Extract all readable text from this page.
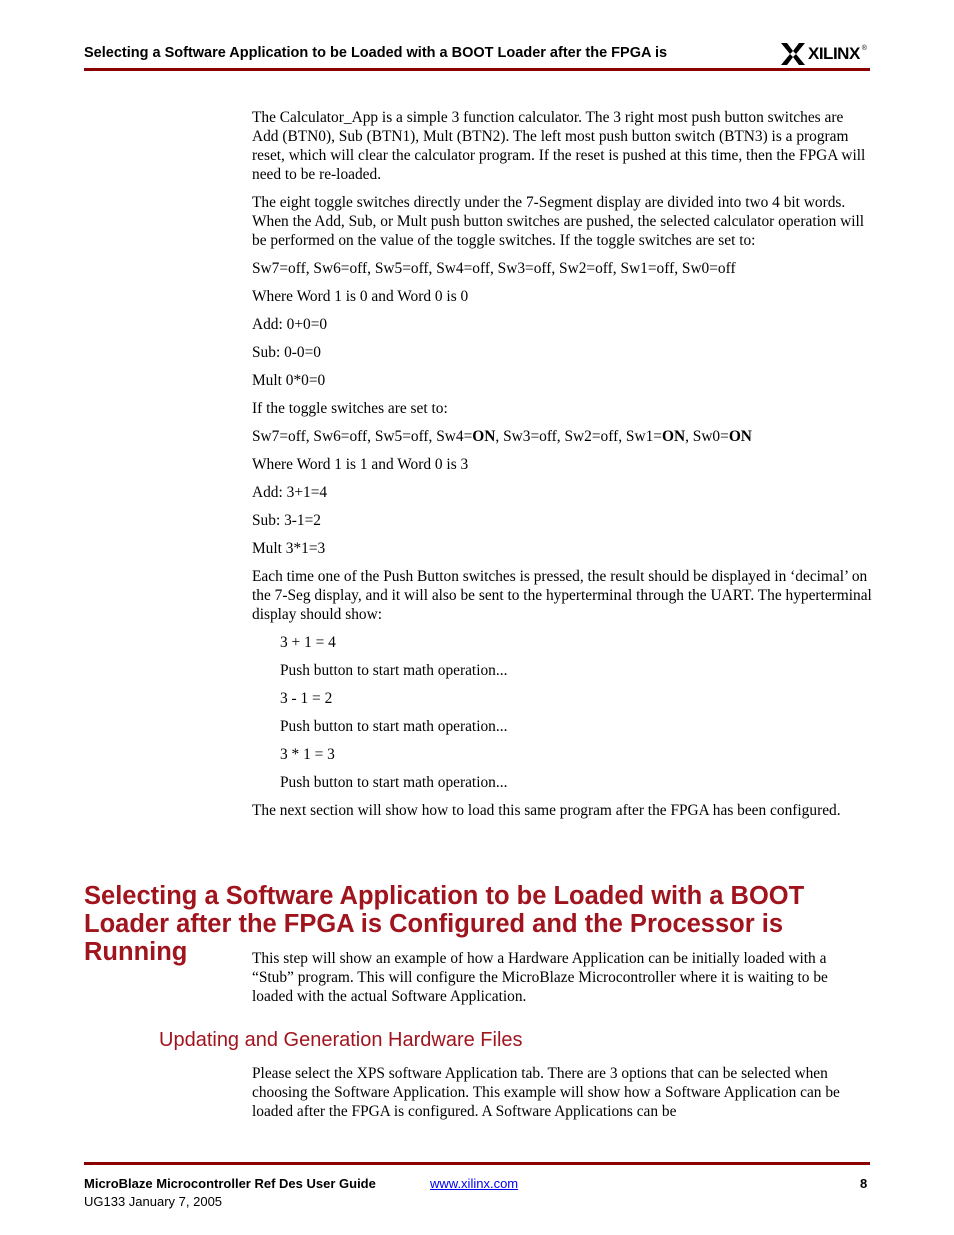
Selecting a Software Application to be Loaded with a BOOT Loader after the FPGA is	XILINX ®

The Calculator_App is a simple 3 function calculator. The 3 right most push button switches are Add (BTN0), Sub (BTN1), Mult (BTN2). The left most push button switch (BTN3) is a program reset, which will clear the calculator program. If the reset is pushed at this time, then the FPGA will need to be re-loaded.

The eight toggle switches directly under the 7-Segment display are divided into two 4 bit words. When the Add, Sub, or Mult push button switches are pushed, the selected calculator operation will be performed on the value of the toggle switches. If the toggle switches are set to:

Sw7=off, Sw6=off, Sw5=off, Sw4=off, Sw3=off, Sw2=off, Sw1=off, Sw0=off

Where Word 1 is 0 and Word 0 is 0

Add: 0+0=0

Sub: 0-0=0

Mult 0*0=0

If the toggle switches are set to:

Sw7=off, Sw6=off, Sw5=off, Sw4=ON, Sw3=off, Sw2=off, Sw1=ON, Sw0=ON

Where Word 1 is 1 and Word 0 is 3

Add: 3+1=4

Sub: 3-1=2

Mult 3*1=3

Each time one of the Push Button switches is pressed, the result should be displayed in ‘decimal’ on the 7-Seg display, and it will also be sent to the hyperterminal through the UART. The hyperterminal display should show:

3 + 1 = 4

Push button to start math operation...

3 - 1 = 2

Push button to start math operation...

3 * 1 = 3

Push button to start math operation...

The next section will show how to load this same program after the FPGA has been configured.

Selecting a Software Application to be Loaded with a BOOT Loader after the FPGA is Configured and the Processor is Running	This step will show an example of how a Hardware Application can be initially loaded with a “Stub” program. This will configure the MicroBlaze Microcontroller where it is waiting to be loaded with the actual Software Application.

Updating and Generation Hardware Files

Please select the XPS software Application tab. There are 3 options that can be selected when choosing the Software Application. This example will show how a Software Application can be loaded after the FPGA is configured. A Software Applications can be

MicroBlaze Microcontroller Ref Des User Guide
UG133 January 7, 2005
www.xilinx.com	8
